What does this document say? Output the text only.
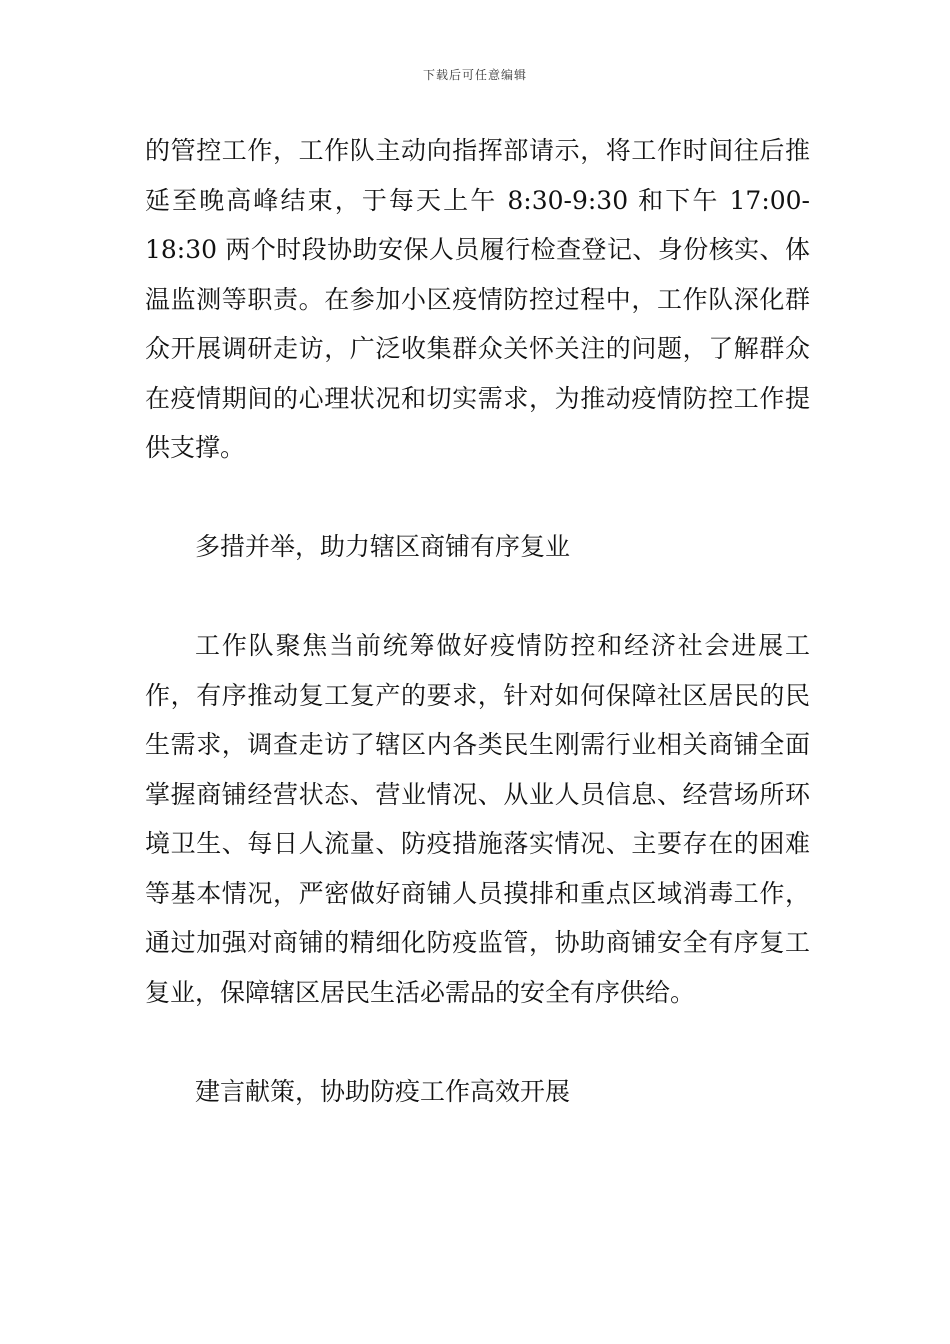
下载后可任意编辑

的管控工作，工作队主动向指挥部请示，将工作时间往后推延至晚高峰结束，于每天上午 8:30-9:30 和下午 17:00-18:30 两个时段协助安保人员履行检查登记、身份核实、体温监测等职责。在参加小区疫情防控过程中，工作队深化群众开展调研走访，广泛收集群众关怀关注的问题，了解群众在疫情期间的心理状况和切实需求，为推动疫情防控工作提供支撑。

多措并举，助力辖区商铺有序复业

工作队聚焦当前统筹做好疫情防控和经济社会进展工作，有序推动复工复产的要求，针对如何保障社区居民的民生需求，调查走访了辖区内各类民生刚需行业相关商铺全面掌握商铺经营状态、营业情况、从业人员信息、经营场所环境卫生、每日人流量、防疫措施落实情况、主要存在的困难等基本情况，严密做好商铺人员摸排和重点区域消毒工作， 通过加强对商铺的精细化防疫监管，协助商铺安全有序复工复业，保障辖区居民生活必需品的安全有序供给。

建言献策，协助防疫工作高效开展
